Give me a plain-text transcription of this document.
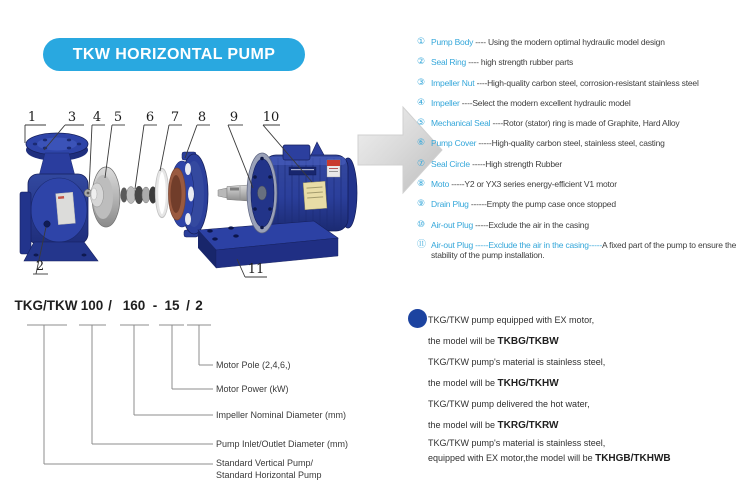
TKW HORIZONTAL PUMP
1 3 4 5 6 7 8 9 10
2	11
① Pump Body ---- Using the modern optimal hydraulic model design
② Seal Ring ---- high strength rubber parts
③ Impeller Nut ----High-quality carbon steel, corrosion-resistant stainless steel
④ Impeller ----Select the modern excellent hydraulic model
⑤ Mechanical Seal ----Rotor (stator) ring is made of Graphite, Hard Alloy
⑥ Pump Cover -----High-quality carbon steel, stainless steel, casting
⑦ Seal Circle -----High strength Rubber
⑧ Moto -----Y2 or YX3 series energy-efficient V1 motor
⑨ Drain Plug ------Empty the pump case once stopped
⑩ Air-out Plug -----Exclude the air in the casing
⑪ Air-out Plug -----Exclude the air in the casing-----A fixed part of the pump to ensure the stability of the pump installation.
TKG/TKW 100 / 160 - 15 / 2
Motor Pole (2,4,6,)
Motor Power (kW)
Impeller Nominal Diameter (mm)
Pump Inlet/Outlet Diameter (mm)
Standard Vertical Pump/
Standard Horizontal Pump
TKG/TKW pump equipped with EX motor,
the model will be TKBG/TKBW
TKG/TKW pump's material is stainless steel,
the model will be TKHG/TKHW
TKG/TKW pump delivered the hot water,
the model will be TKRG/TKRW
TKG/TKW pump's material is stainless steel,
equipped with EX motor,the model will be TKHGB/TKHWB
